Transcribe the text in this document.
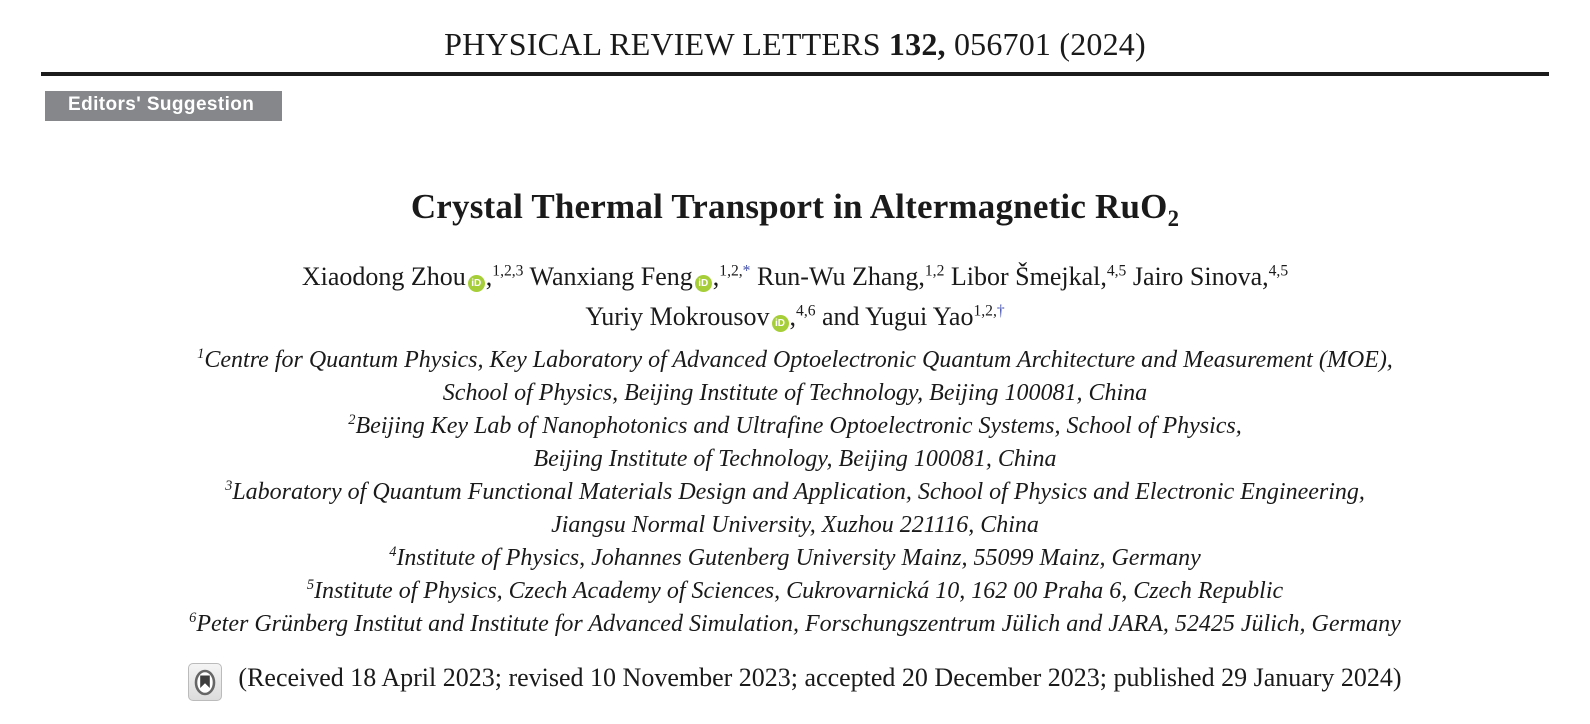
PHYSICAL REVIEW LETTERS 132, 056701 (2024)
Editors' Suggestion
Crystal Thermal Transport in Altermagnetic RuO$_2$
Xiaodong Zhou iD ,$^{1,2,3}$ Wanxiang Feng iD ,$^{1,2,*}$ Run-Wu Zhang,$^{1,2}$ Libor Šmejkal,$^{4,5}$ Jairo Sinova,$^{4,5}$
Yuriy Mokrousov iD ,$^{4,6}$ and Yugui Yao$^{1,2,\dagger}$
$^1$Centre for Quantum Physics, Key Laboratory of Advanced Optoelectronic Quantum Architecture and Measurement (MOE),
School of Physics, Beijing Institute of Technology, Beijing 100081, China
$^2$Beijing Key Lab of Nanophotonics and Ultrafine Optoelectronic Systems, School of Physics,
Beijing Institute of Technology, Beijing 100081, China
$^3$Laboratory of Quantum Functional Materials Design and Application, School of Physics and Electronic Engineering,
Jiangsu Normal University, Xuzhou 221116, China
$^4$Institute of Physics, Johannes Gutenberg University Mainz, 55099 Mainz, Germany
$^5$Institute of Physics, Czech Academy of Sciences, Cukrovarnická 10, 162 00 Praha 6, Czech Republic
$^6$Peter Grünberg Institut and Institute for Advanced Simulation, Forschungszentrum Jülich and JARA, 52425 Jülich, Germany
(Received 18 April 2023; revised 10 November 2023; accepted 20 December 2023; published 29 January 2024)
